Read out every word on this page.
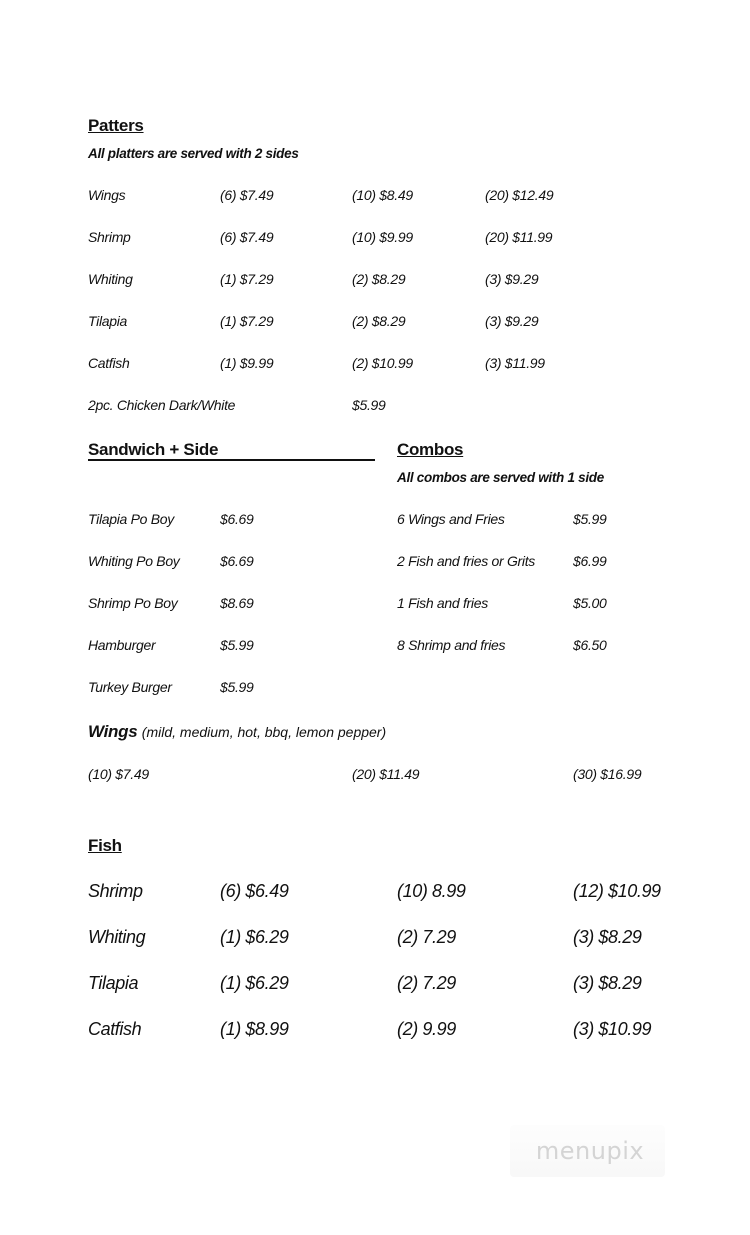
Patters
All platters are served with 2 sides
Wings	(6) $7.49	(10) $8.49	(20) $12.49
Shrimp	(6) $7.49	(10) $9.99	(20) $11.99
Whiting	(1) $7.29	(2) $8.29	(3) $9.29
Tilapia	(1) $7.29	(2) $8.29	(3) $9.29
Catfish	(1) $9.99	(2) $10.99	(3) $11.99
2pc. Chicken Dark/White	$5.99
Sandwich + Side
Tilapia Po Boy	$6.69
Whiting Po Boy	$6.69
Shrimp Po Boy	$8.69
Hamburger	$5.99
Turkey Burger	$5.99
Combos
All combos are served with 1 side
6 Wings and Fries	$5.99
2 Fish and fries or Grits	$6.99
1 Fish and fries	$5.00
8 Shrimp and fries	$6.50
Wings (mild, medium, hot, bbq, lemon pepper)
(10) $7.49	(20) $11.49	(30) $16.99
Fish
Shrimp	(6) $6.49	(10) 8.99	(12) $10.99
Whiting	(1) $6.29	(2) 7.29	(3) $8.29
Tilapia	(1) $6.29	(2) 7.29	(3) $8.29
Catfish	(1) $8.99	(2) 9.99	(3) $10.99
menupix
